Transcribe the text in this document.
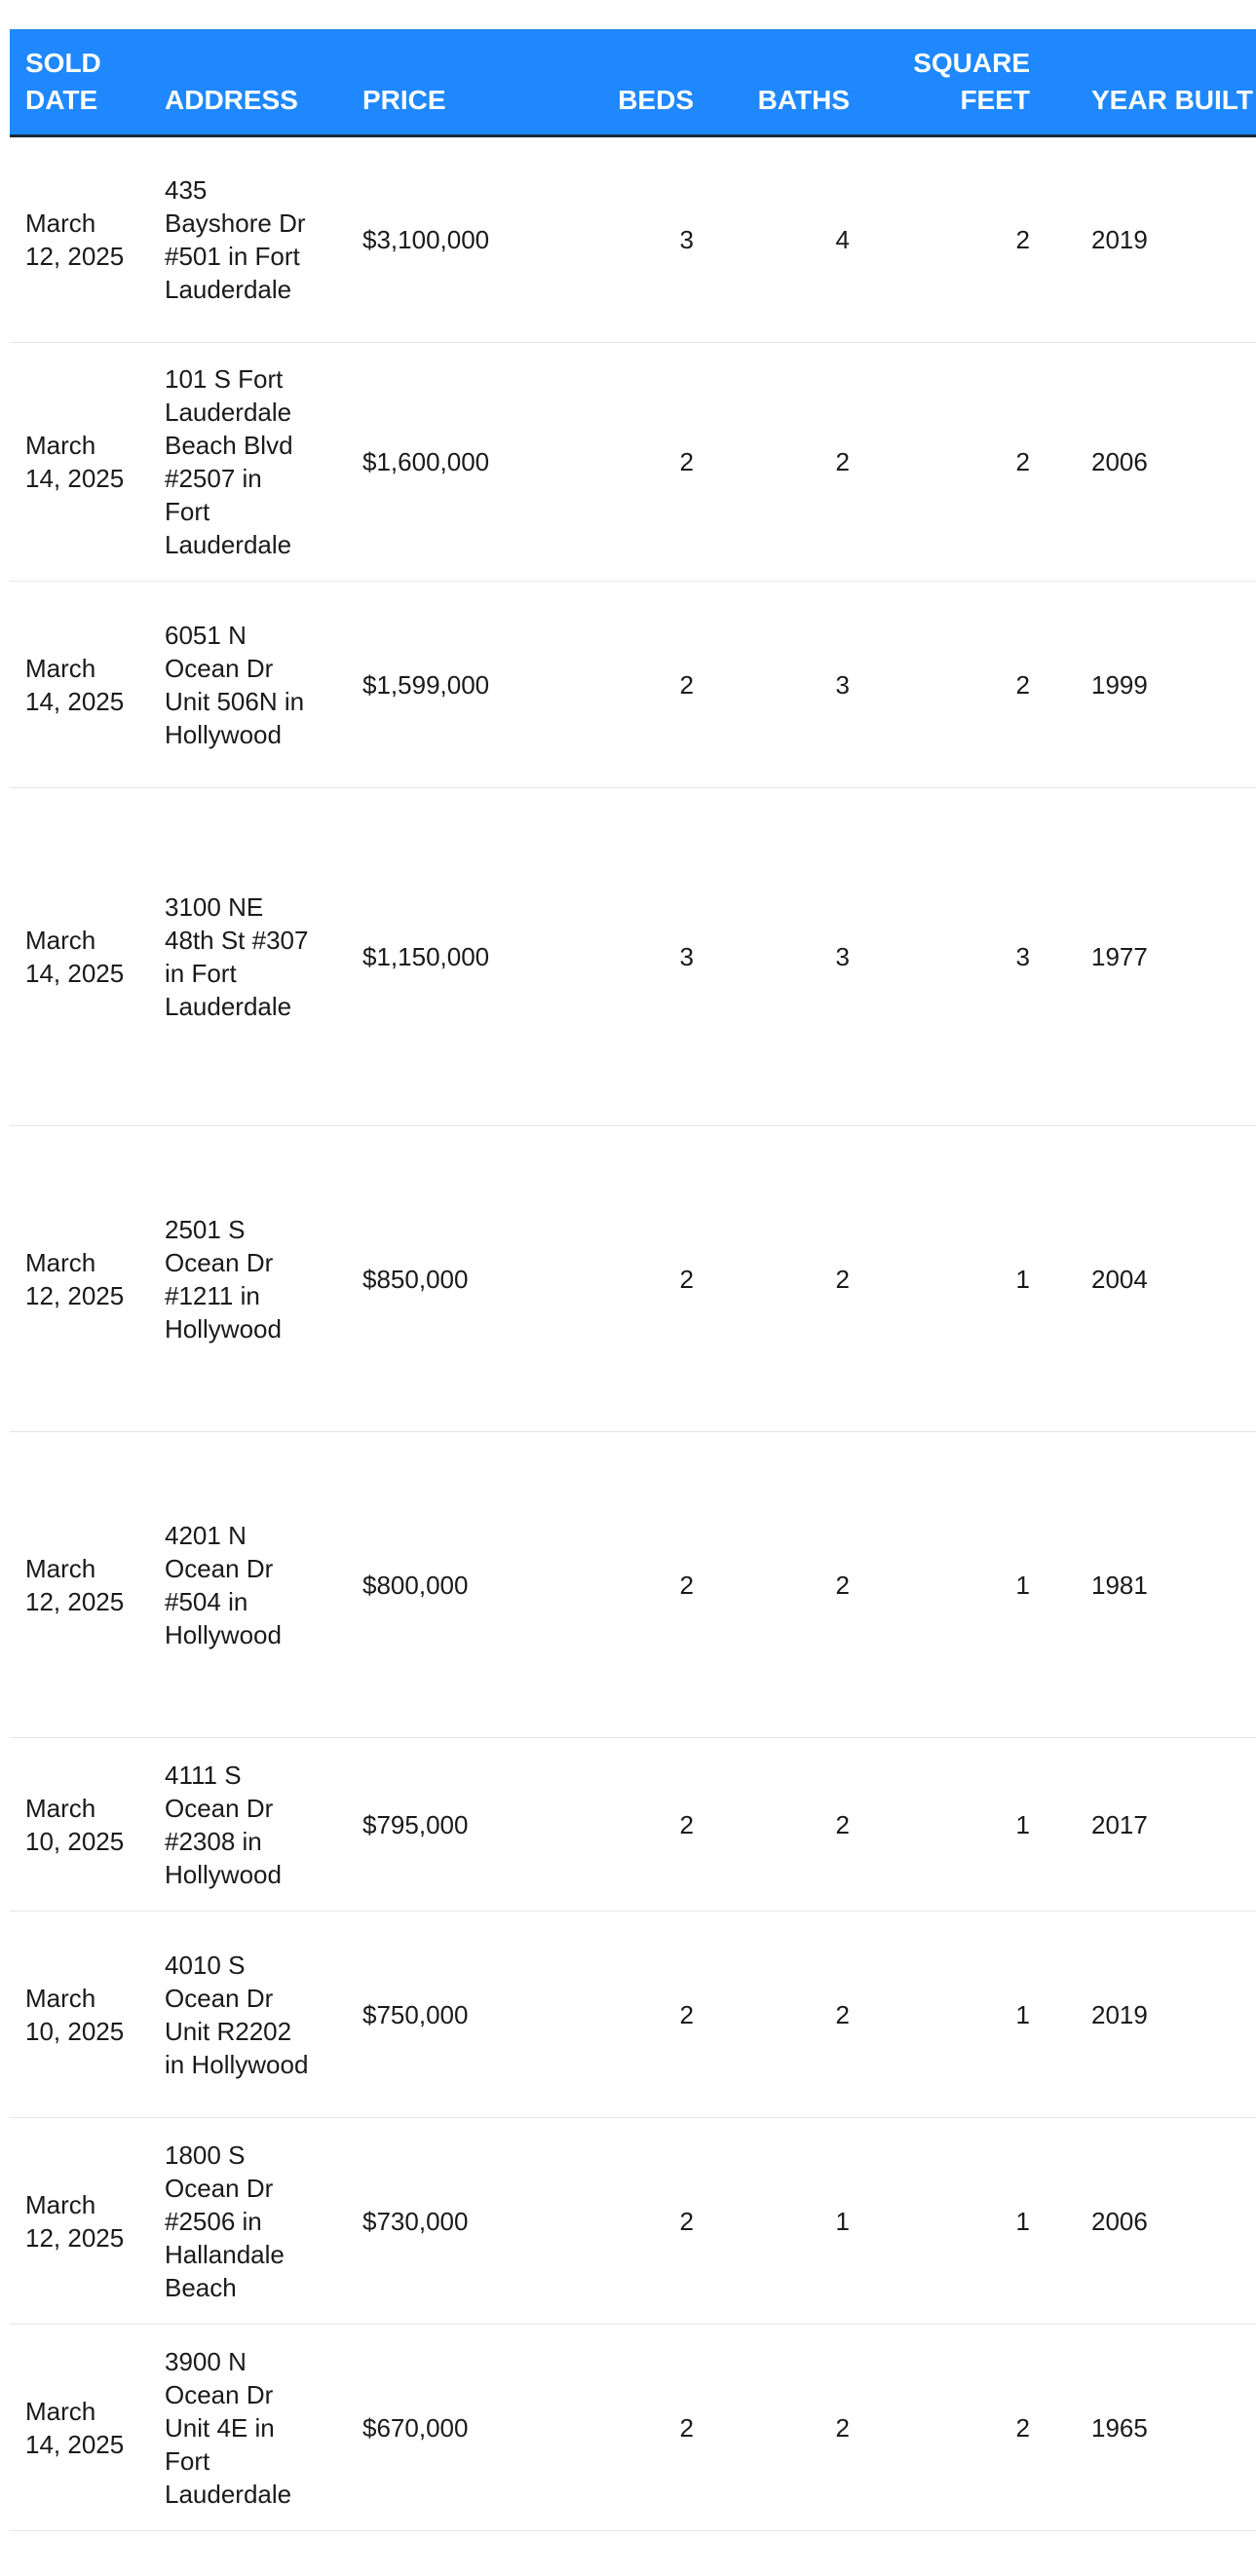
SOLD DATE	ADDRESS	PRICE	BEDS	BATHS	SQUARE FEET	YEAR BUILT

March 12, 2025	435 Bayshore Dr #501 in Fort Lauderdale	$3,100,000	3	4	2	2019

March 14, 2025	101 S Fort Lauderdale Beach Blvd #2507 in Fort Lauderdale	$1,600,000	2	2	2	2006

March 14, 2025	6051 N Ocean Dr Unit 506N in Hollywood	$1,599,000	2	3	2	1999

March 14, 2025	3100 NE 48th St #307 in Fort Lauderdale	$1,150,000	3	3	3	1977

March 12, 2025	2501 S Ocean Dr #1211 in Hollywood	$850,000	2	2	1	2004

March 12, 2025	4201 N Ocean Dr #504 in Hollywood	$800,000	2	2	1	1981

March 10, 2025	4111 S Ocean Dr #2308 in Hollywood	$795,000	2	2	1	2017

March 10, 2025	4010 S Ocean Dr Unit R2202 in Hollywood	$750,000	2	2	1	2019

March 12, 2025	1800 S Ocean Dr #2506 in Hallandale Beach	$730,000	2	1	1	2006

March 14, 2025	3900 N Ocean Dr Unit 4E in Fort Lauderdale	$670,000	2	2	2	1965
